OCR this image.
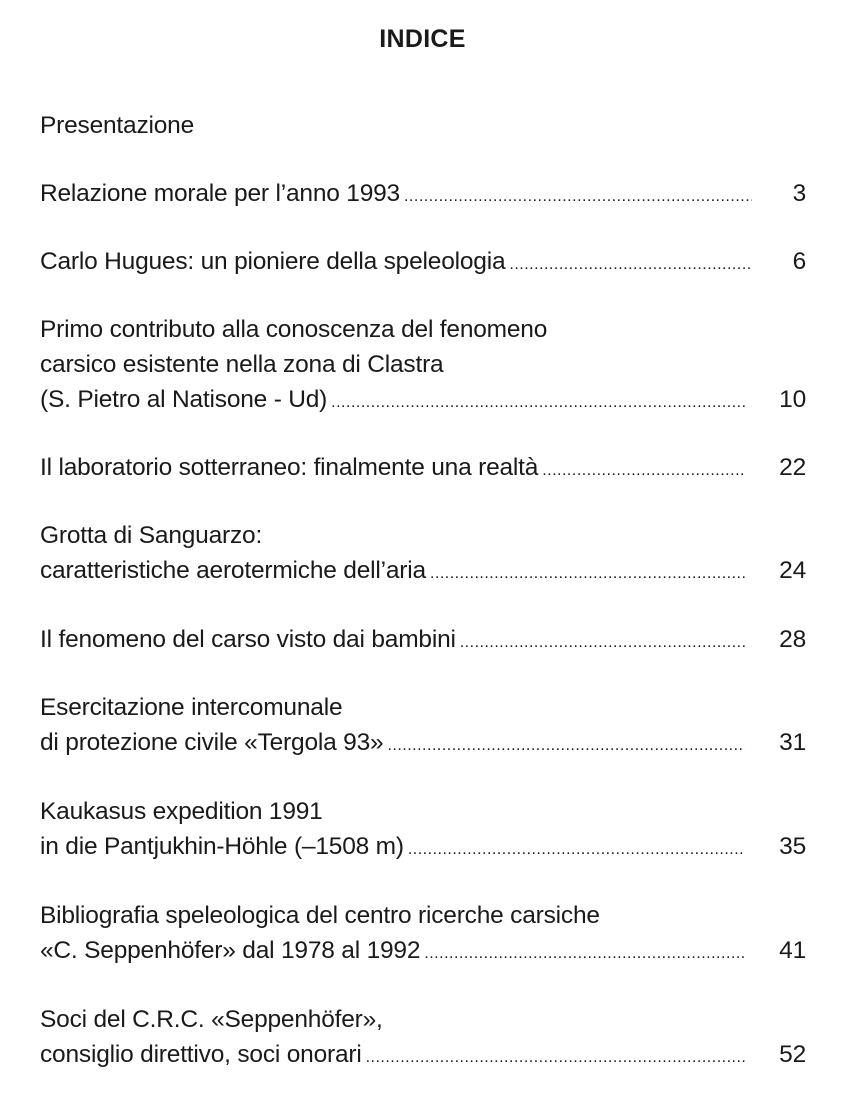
INDICE
Presentazione
Relazione morale per l’anno 1993 .....	3
Carlo Hugues: un pioniere della speleologia .....	6
Primo contributo alla conoscenza del fenomeno
carsico esistente nella zona di Clastra
(S. Pietro al Natisone - Ud) .....	10
Il laboratorio sotterraneo: finalmente una realtà .....	22
Grotta di Sanguarzo:
caratteristiche aerotermiche dell’aria .....	24
Il fenomeno del carso visto dai bambini .....	28
Esercitazione intercomunale
di protezione civile «Tergola 93» .....	31
Kaukasus expedition 1991
in die Pantjukhin-Höhle (–1508 m) .....	35
Bibliografia speleologica del centro ricerche carsiche
«C. Seppenhöfer» dal 1978 al 1992 .....	41
Soci del C.R.C. «Seppenhöfer»,
consiglio direttivo, soci onorari .....	52
